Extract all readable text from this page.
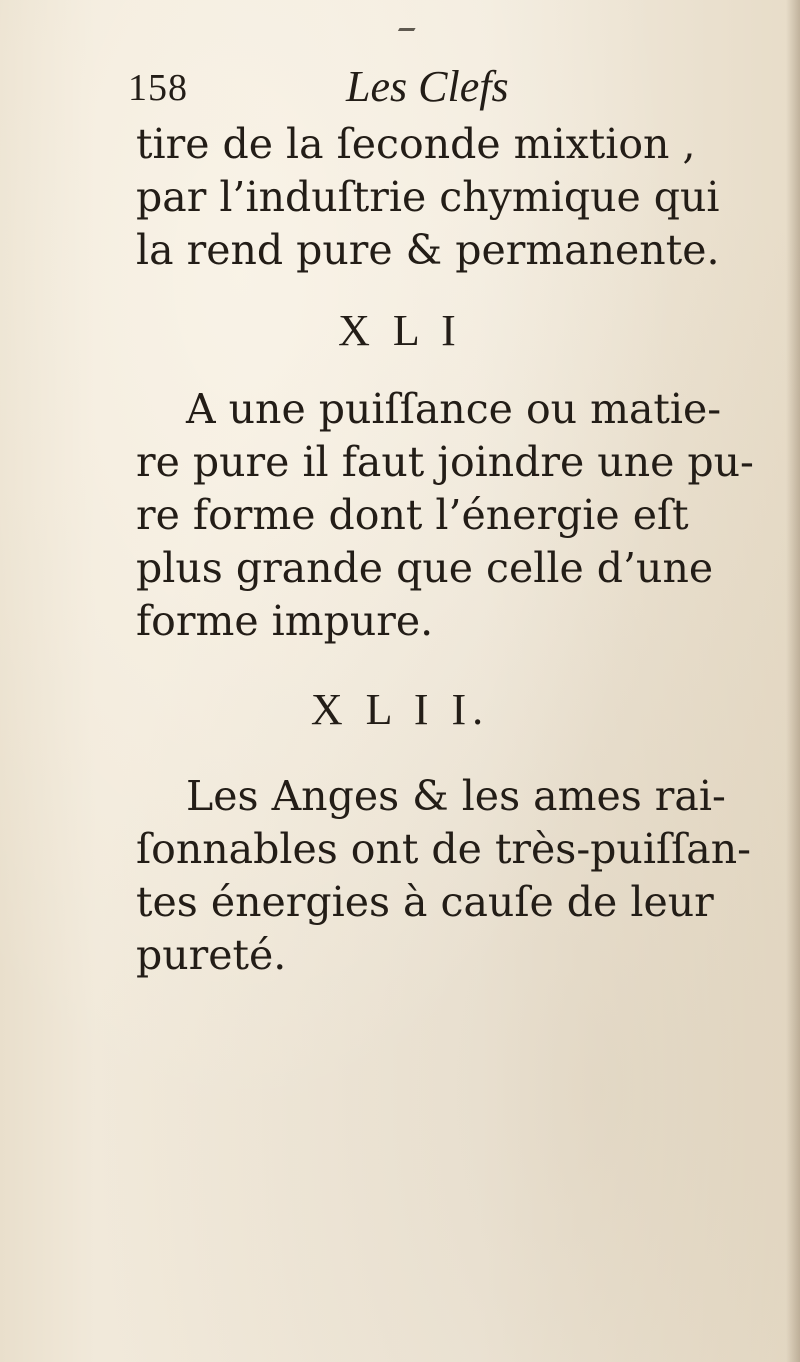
158	Les Clefs
tire de la ſeconde mixtion ,
par l’induſtrie chymique qui
la rend pure & permanente.
X L I
A une puiſſance ou matie-
re pure il faut joindre une pu-
re forme dont l’énergie eſt
plus grande que celle d’une
forme impure.
X L I I.
Les Anges & les ames rai-
ſonnables ont de très-puiſſan-
tes énergies à cauſe de leur
pureté.
